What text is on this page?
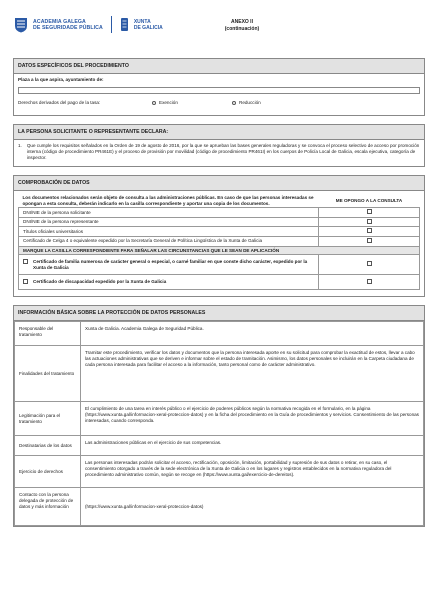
ACADEMIA GALEGA
DE SEGURIDADE PÚBLICA
XUNTA
DE GALICIA
ANEXO II
(continuación)
DATOS ESPECÍFICOS DEL PROCEDIMIENTO
Plaza a la que aspira, ayuntamiento de:
Derechos derivados del pago de la tasa:	Exención	Reducción
LA PERSONA SOLICITANTE O REPRESENTANTE DECLARA:
1. Que cumple los requisitos señalados en la Orden de 19 de agosto de 2016, por la que se aprueban las bases generales reguladoras y se convoca el proceso selectivo de acceso por promoción interna (código de procedimiento PR461E) y el proceso de provisión por movilidad (código de procedimiento PR461I) en los cuerpos de Policía Local de Galicia, escala ejecutiva, categoría de inspector.
COMPROBACIÓN DE DATOS
Los documentos relacionados serán objeto de consulta a las administraciones públicas. En caso de que las personas interesadas se opongan a esta consulta, deberán indicarlo en la casilla correspondiente y aportar una copia de los documentos.	ME OPONGO A LA CONSULTA
DNI/NIE de la persona solicitante	
DNI/NIE de la persona representante	
Títulos oficiales universitarios	
Certificado de Celga 4 o equivalente expedido por la Secretaría General de Política Lingüística de la Xunta de Galicia	
MARQUE LA CASILLA CORRESPONDIENTE PARA SEÑALAR LAS CIRCUNSTANCIAS QUE LE SEAN DE APLICACIÓN	

Certificado de familia numerosa de carácter general o especial, o carné familiar en que conste dicho carácter, expedido por la Xunta de Galicia	

Certificado de discapacidad expedido por la Xunta de Galicia	

INFORMACIÓN BÁSICA SOBRE LA PROTECCIÓN DE DATOS PERSONALES
Responsable del tratamiento	Xunta de Galicia. Academia Galega de Seguridad Pública.
Finalidades del tratamiento	Tramitar este procedimiento, verificar los datos y documentos que la persona interesada aporte en su solicitud para comprobar la exactitud de estos, llevar a cabo las actuaciones administrativas que se deriven e informar sobre el estado de tramitación. Asimismo, los datos personales se incluirán en la Carpeta ciudadana de cada persona interesada para facilitar el acceso a la información, tanto personal como de carácter administrativo.
Legitimación para el tratamiento	El cumplimiento de una tarea en interés público o el ejercicio de poderes públicos según la normativa recogida en el formulario, en la página (https://www.xunta.gal/informacion-xeral-proteccion-datos) y en la ficha del procedimiento en la Guía de procedimientos y servicios. Consentimiento de las personas interesadas, cuando corresponda.
Destinatarias de los datos	Las administraciones públicas en el ejercicio de sus competencias.
Ejercicio de derechos	Las personas interesadas podrán solicitar el acceso, rectificación, oposición, limitación, portabilidad y supresión de sus datos o retirar, en su caso, el consentimiento otorgado a través de la sede electrónica de la Xunta de Galicia o en los lugares y registros establecidos en la normativa reguladora del procedimiento administrativo común, según se recoge en (https://www.xunta.gal/exercicio-de-dereitos).
Contacto con la persona delegada de protección de datos y más información	(https://www.xunta.gal/informacion-xeral-proteccion-datos)
